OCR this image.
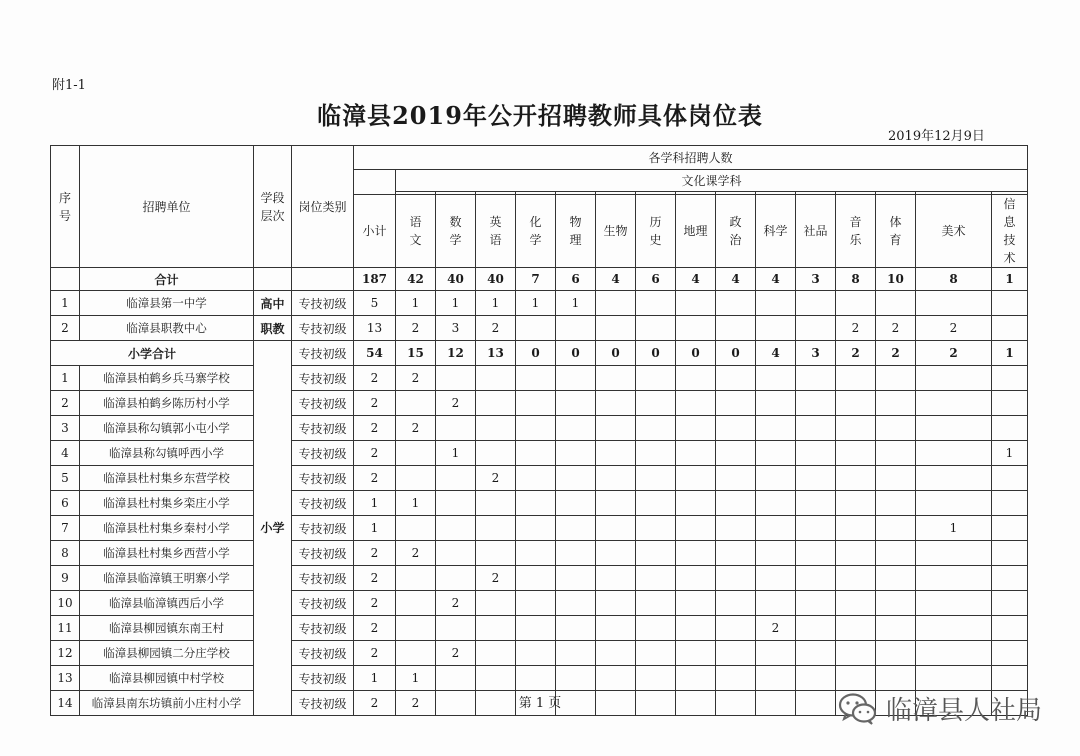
附1-1
临漳县2019年公开招聘教师具体岗位表
2019年12月9日
序号	招聘单位	学段层次	岗位类别	各学科招聘人数															
					文化课学科														

				小计	语文	数学	英语	化学	物理	生物	历史	地理	政治	科学	社品	音乐	体育	美术	信息技术
	合计			187	42	40	40	7	6	4	6	4	4	4	3	8	10	8	1
1	临漳县第一中学	高中	专技初级	5	1	1	1	1	1										
2	临漳县职教中心	职教	专技初级	13	2	3	2									2	2	2	
小学合计		小学	专技初级	54	15	12	13	0	0	0	0	0	0	4	3	2	2	2	1
1	临漳县柏鹤乡兵马寨学校		专技初级	2	2														
2	临漳县柏鹤乡陈历村小学		专技初级	2		2													
3	临漳县称勾镇郭小屯小学		专技初级	2	2														
4	临漳县称勾镇呼西小学		专技初级	2		1													1
5	临漳县杜村集乡东营学校		专技初级	2			2												
6	临漳县杜村集乡栾庄小学		专技初级	1	1														
7	临漳县杜村集乡秦村小学		专技初级	1														1	
8	临漳县杜村集乡西营小学		专技初级	2	2														
9	临漳县临漳镇王明寨小学		专技初级	2			2												
10	临漳县临漳镇西后小学		专技初级	2		2													
11	临漳县柳园镇东南王村		专技初级	2										2					
12	临漳县柳园镇二分庄学校		专技初级	2		2													
13	临漳县柳园镇中村学校		专技初级	1	1														
14	临漳县南东坊镇前小庄村小学		专技初级	2	2															第 1 页	临漳县人社局
